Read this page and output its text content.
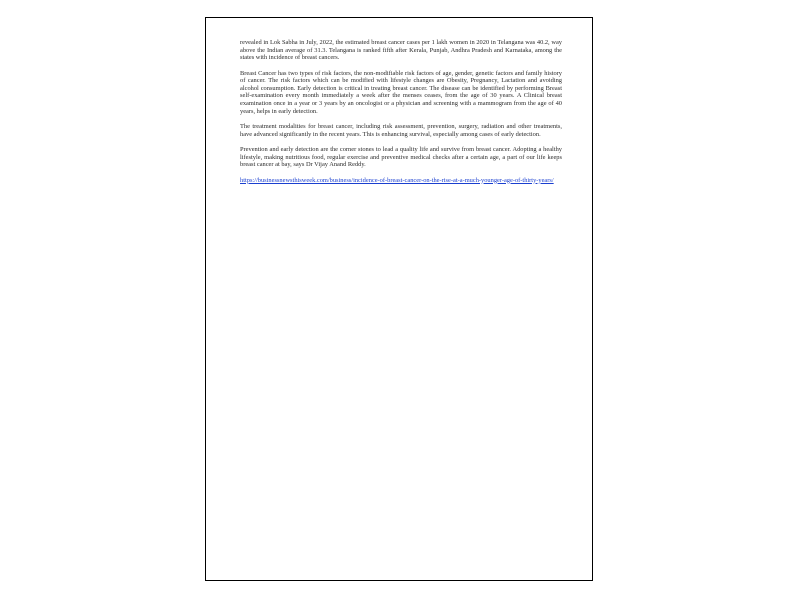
revealed in Lok Sabha in July, 2022, the estimated breast cancer cases per 1 lakh women in 2020 in Telangana was 40.2, way above the Indian average of 31.3. Telangana is ranked fifth after Kerala, Punjab, Andhra Pradesh and Karnataka, among the states with incidence of breast cancers.

Breast Cancer has two types of risk factors, the non-modifiable risk factors of age, gender, genetic factors and family history of cancer. The risk factors which can be modified with lifestyle changes are Obesity, Pregnancy, Lactation and avoiding alcohol consumption. Early detection is critical in treating breast cancer. The disease can be identified by performing Breast self-examination every month immediately a week after the menses ceases, from the age of 30 years. A Clinical breast examination once in a year or 3 years by an oncologist or a physician and screening with a mammogram from the age of 40 years, helps in early detection.

The treatment modalities for breast cancer, including risk assessment, prevention, surgery, radiation and other treatments, have advanced significantly in the recent years. This is enhancing survival, especially among cases of early detection.

Prevention and early detection are the corner stones to lead a quality life and survive from breast cancer. Adopting a healthy lifestyle, making nutritious food, regular exercise and preventive medical checks after a certain age, a part of our life keeps breast cancer at bay, says Dr Vijay Anand Reddy.

https://businessnewsthisweek.com/business/incidence-of-breast-cancer-on-the-rise-at-a-much-younger-age-of-thirty-years/
